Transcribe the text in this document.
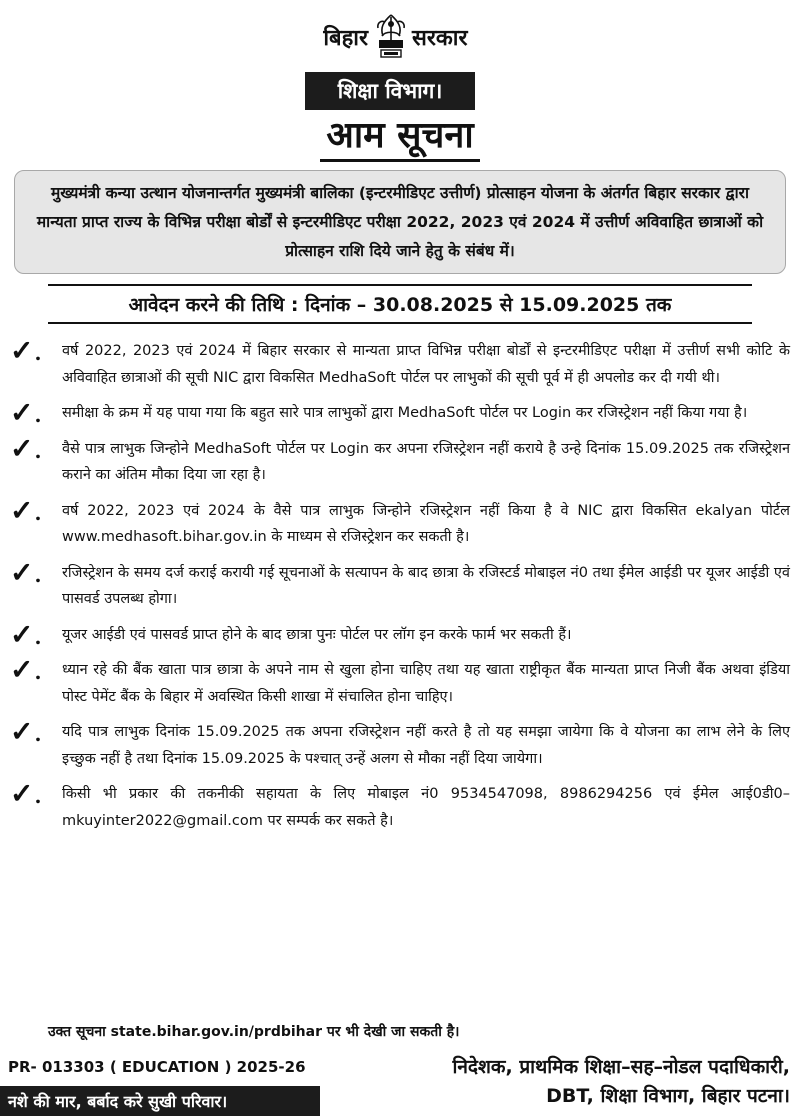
बिहार सरकार
शिक्षा विभाग।
आम सूचना
मुख्यमंत्री कन्या उत्थान योजनान्तर्गत मुख्यमंत्री बालिका (इन्टरमीडिएट उत्तीर्ण) प्रोत्साहन योजना के अंतर्गत बिहार सरकार द्वारा मान्यता प्राप्त राज्य के विभिन्न परीक्षा बोर्डों से इन्टरमीडिएट परीक्षा 2022, 2023 एवं 2024 में उत्तीर्ण अविवाहित छात्राओं को प्रोत्साहन राशि दिये जाने हेतु के संबंध में।
आवेदन करने की तिथि : दिनांक – 30.08.2025 से 15.09.2025 तक
✓. वर्ष 2022, 2023 एवं 2024 में बिहार सरकार से मान्यता प्राप्त विभिन्न परीक्षा बोर्डों से इन्टरमीडिएट परीक्षा में उत्तीर्ण सभी कोटि के अविवाहित छात्राओं की सूची NIC द्वारा विकसित MedhaSoft पोर्टल पर लाभुकों की सूची पूर्व में ही अपलोड कर दी गयी थी।
✓. समीक्षा के क्रम में यह पाया गया कि बहुत सारे पात्र लाभुकों द्वारा MedhaSoft पोर्टल पर Login कर रजिस्ट्रेशन नहीं किया गया है।
✓. वैसे पात्र लाभुक जिन्होने MedhaSoft पोर्टल पर Login कर अपना रजिस्ट्रेशन नहीं कराये है उन्हे दिनांक 15.09.2025 तक रजिस्ट्रेशन कराने का अंतिम मौका दिया जा रहा है।
✓. वर्ष 2022, 2023 एवं 2024 के वैसे पात्र लाभुक जिन्होने रजिस्ट्रेशन नहीं किया है वे NIC द्वारा विकसित ekalyan पोर्टल www.medhasoft.bihar.gov.in के माध्यम से रजिस्ट्रेशन कर सकती है।
✓. रजिस्ट्रेशन के समय दर्ज कराई करायी गई सूचनाओं के सत्यापन के बाद छात्रा के रजिस्टर्ड मोबाइल नं0 तथा ईमेल आईडी पर यूजर आईडी एवं पासवर्ड उपलब्ध होगा।
✓. यूजर आईडी एवं पासवर्ड प्राप्त होने के बाद छात्रा पुनः पोर्टल पर लॉग इन करके फार्म भर सकती हैं।
✓. ध्यान रहे की बैंक खाता पात्र छात्रा के अपने नाम से खुला होना चाहिए तथा यह खाता राष्ट्रीकृत बैंक मान्यता प्राप्त निजी बैंक अथवा इंडिया पोस्ट पेमेंट बैंक के बिहार में अवस्थित किसी शाखा में संचालित होना चाहिए।
✓. यदि पात्र लाभुक दिनांक 15.09.2025 तक अपना रजिस्ट्रेशन नहीं करते है तो यह समझा जायेगा कि वे योजना का लाभ लेने के लिए इच्छुक नहीं है तथा दिनांक 15.09.2025 के पश्चात् उन्हें अलग से मौका नहीं दिया जायेगा।
✓. किसी भी प्रकार की तकनीकी सहायता के लिए मोबाइल नं0 9534547098, 8986294256 एवं ईमेल आई0डी0–mkuyinter2022@gmail.com पर सम्पर्क कर सकते है।
उक्त सूचना state.bihar.gov.in/prdbihar पर भी देखी जा सकती है।
PR- 013303 ( EDUCATION ) 2025-26
नशे की मार, बर्बाद करे सुखी परिवार।
निदेशक, प्राथमिक शिक्षा–सह–नोडल पदाधिकारी,
DBT, शिक्षा विभाग, बिहार पटना।
